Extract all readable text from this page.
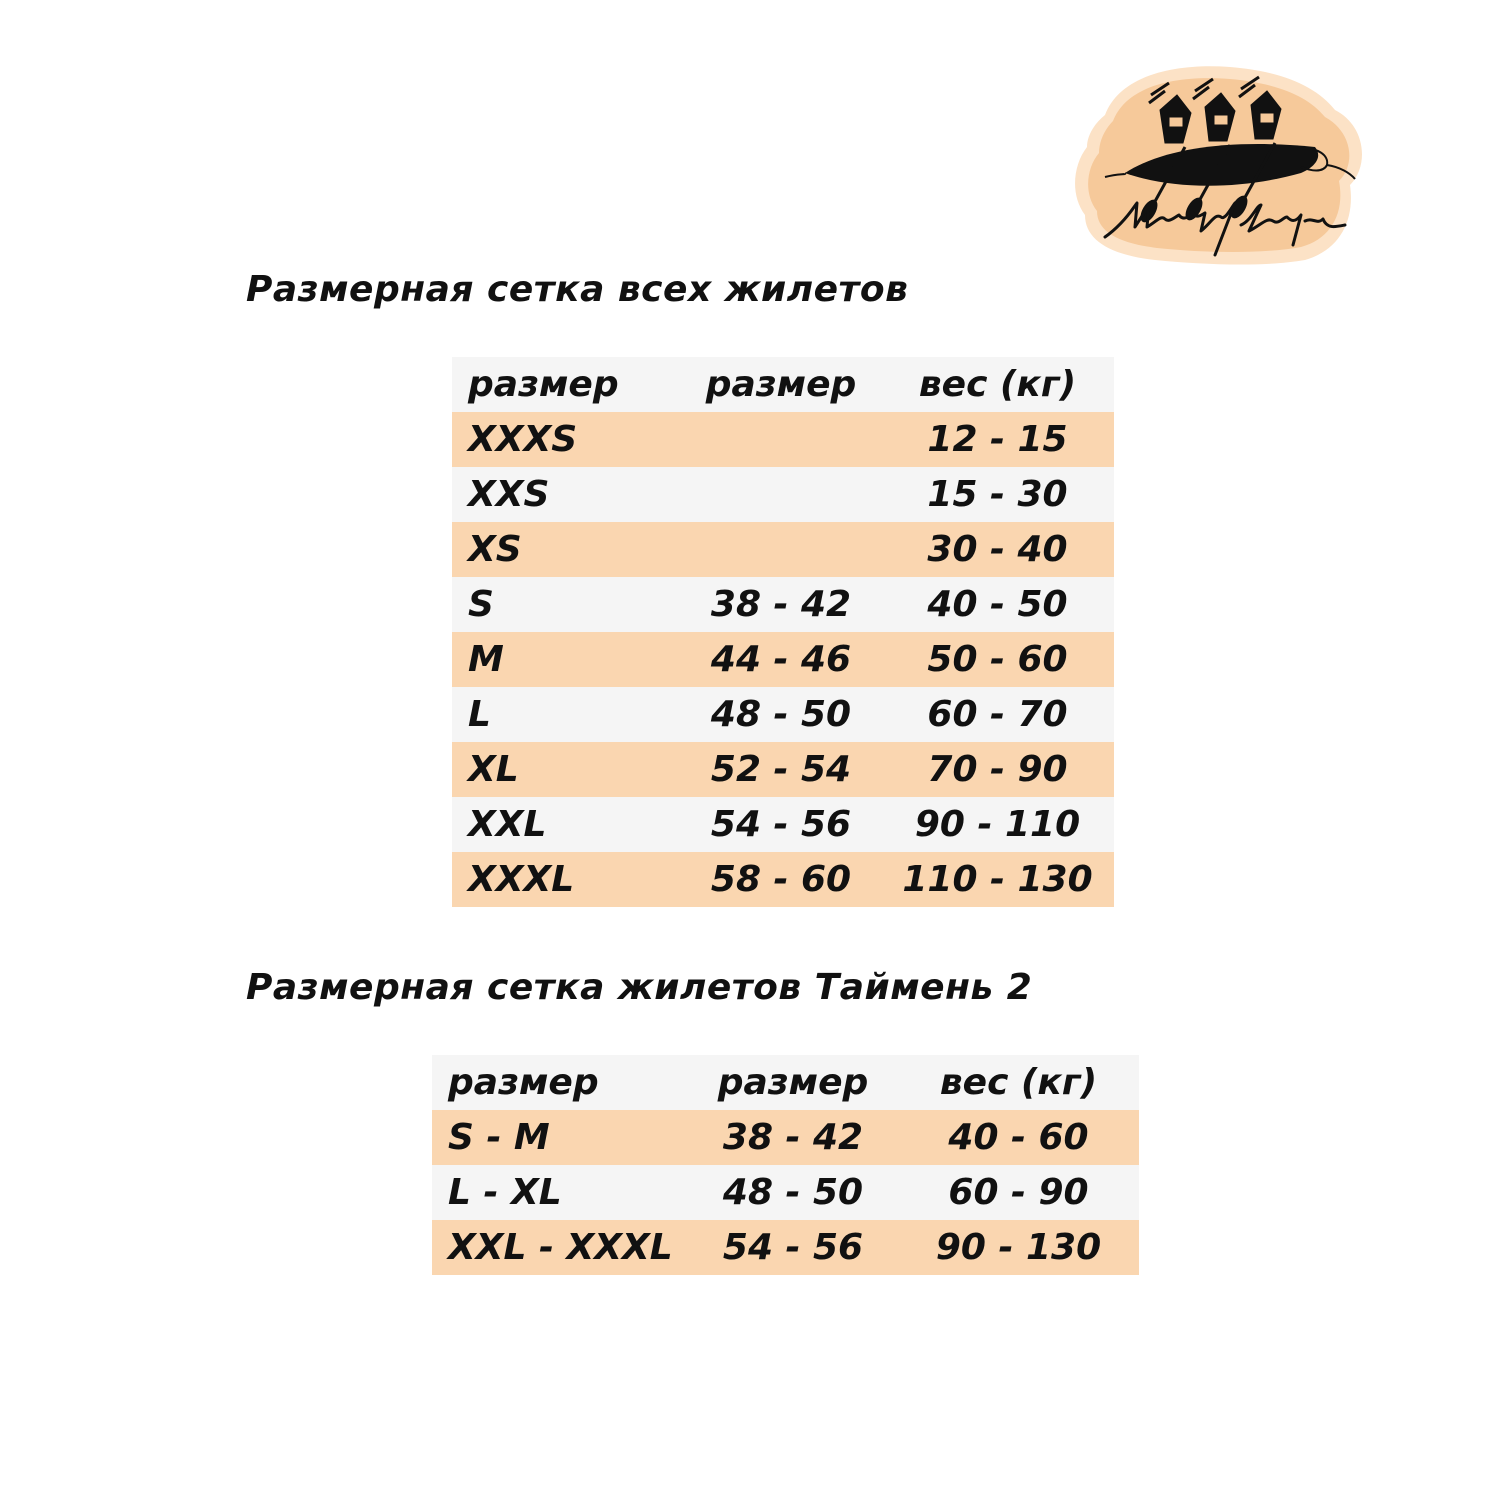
Размерная сетка всех жилетов
размер	размер	вес (кг)
XXXS		12 - 15
XXS		15 - 30
XS		30 - 40
S	38 - 42	40 - 50
M	44 - 46	50 - 60
L	48 - 50	60 - 70
XL	52 - 54	70 - 90
XXL	54 - 56	90 - 110
XXXL	58 - 60	110 - 130
Размерная сетка жилетов Таймень 2
размер	размер	вес (кг)
S - M	38 - 42	40 - 60
L - XL	48 - 50	60 - 90
XXL - XXXL	54 - 56	90 - 130
